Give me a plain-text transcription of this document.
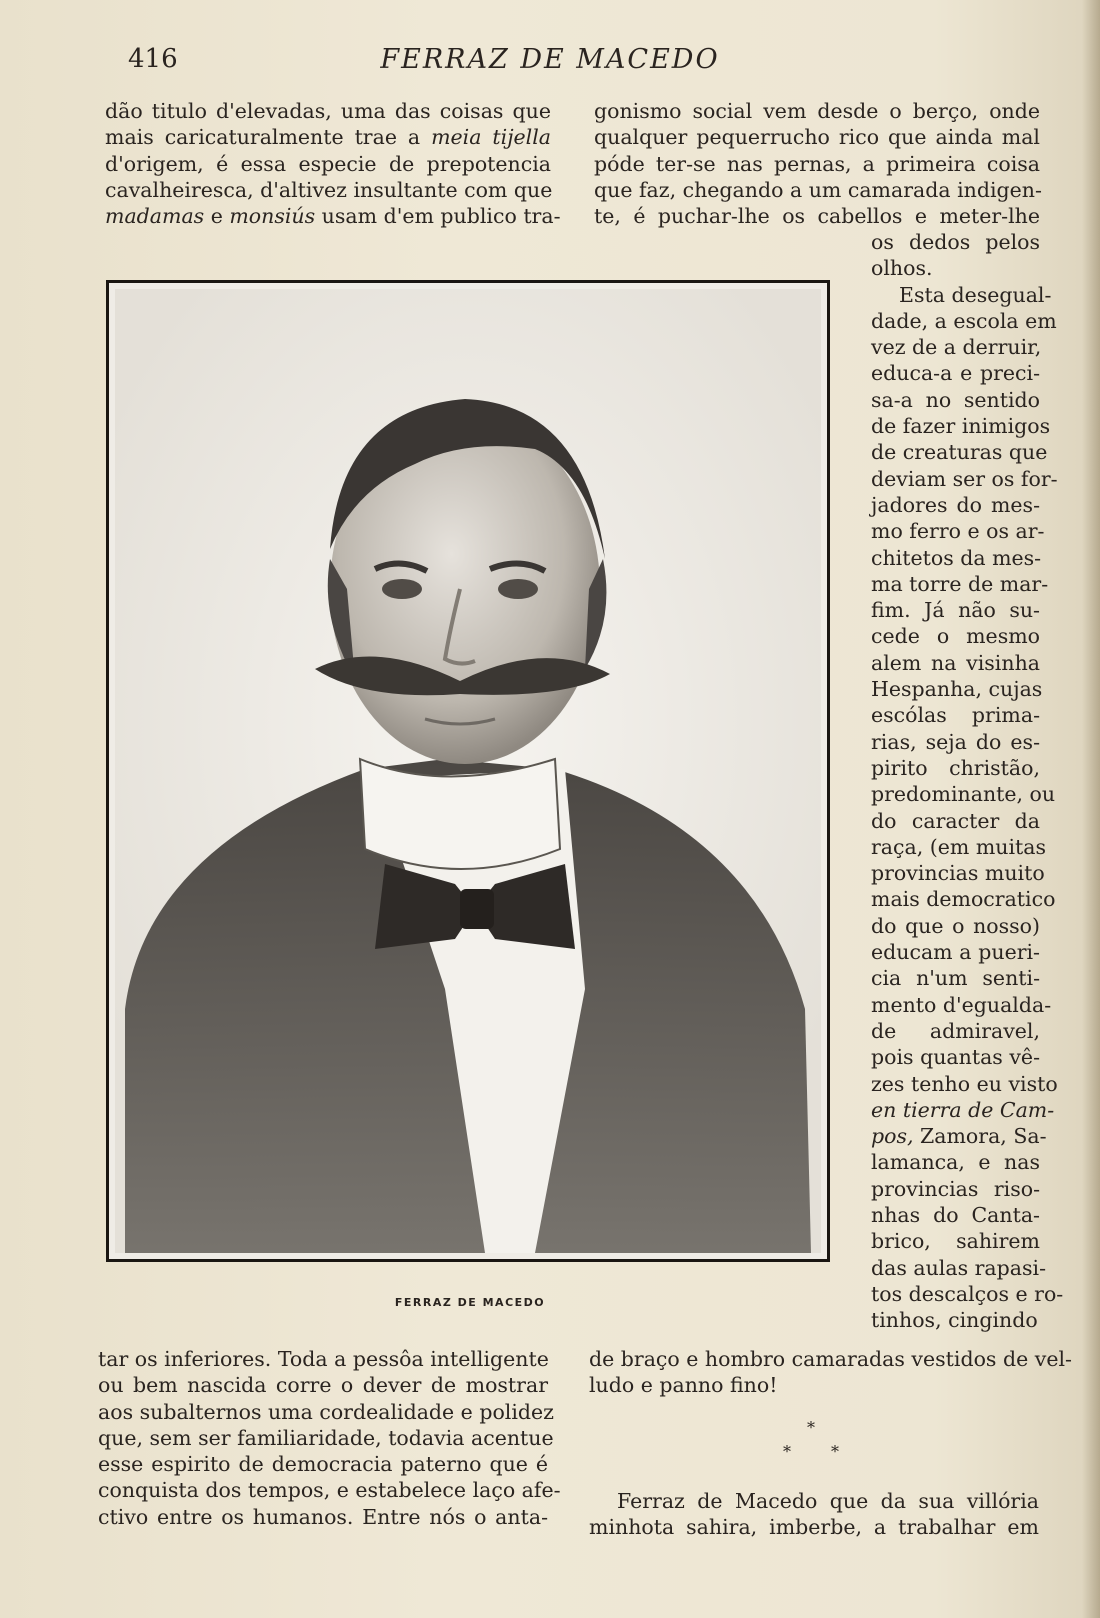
416	FERRAZ DE MACEDO
dão titulo d'elevadas, uma das coisas que
mais caricaturalmente trae a meia tijella
d'origem, é essa especie de prepotencia
cavalheiresca, d'altivez insultante com que
madamas e monsiús usam d'em publico tra-
gonismo social vem desde o berço, onde
qualquer pequerrucho rico que ainda mal
póde ter-se nas pernas, a primeira coisa
que faz, chegando a um camarada indigen-
te, é puchar-lhe os cabellos e meter-lhe
os dedos pelos
olhos.
Esta desegual-
dade, a escola em
vez de a derruir,
educa-a e preci-
sa-a no sentido
de fazer inimigos
de creaturas que
deviam ser os for-
jadores do mes-
mo ferro e os ar-
chitetos da mes-
ma torre de mar-
fim. Já não su-
cede o mesmo
alem na visinha
Hespanha, cujas
escólas prima-
rias, seja do es-
pirito christão,
predominante, ou
do caracter da
raça, (em muitas
provincias muito
mais democratico
do que o nosso)
educam a pueri-
cia n'um senti-
mento d'egualda-
de admiravel,
pois quantas vê-
zes tenho eu visto
en tierra de Cam-
pos, Zamora, Sa-
lamanca, e nas
provincias riso-
nhas do Canta-
brico, sahirem
das aulas rapasi-
tos descalços e ro-
tinhos, cingindo
FERRAZ DE MACEDO
tar os inferiores. Toda a pessôa intelligente
ou bem nascida corre o dever de mostrar
aos subalternos uma cordealidade e polidez
que, sem ser familiaridade, todavia acentue
esse espirito de democracia paterno que é
conquista dos tempos, e estabelece laço afe-
ctivo entre os humanos. Entre nós o anta-
de braço e hombro camaradas vestidos de vel-
ludo e panno fino!
*
*	*
Ferraz de Macedo que da sua villória
minhota sahira, imberbe, a trabalhar em
